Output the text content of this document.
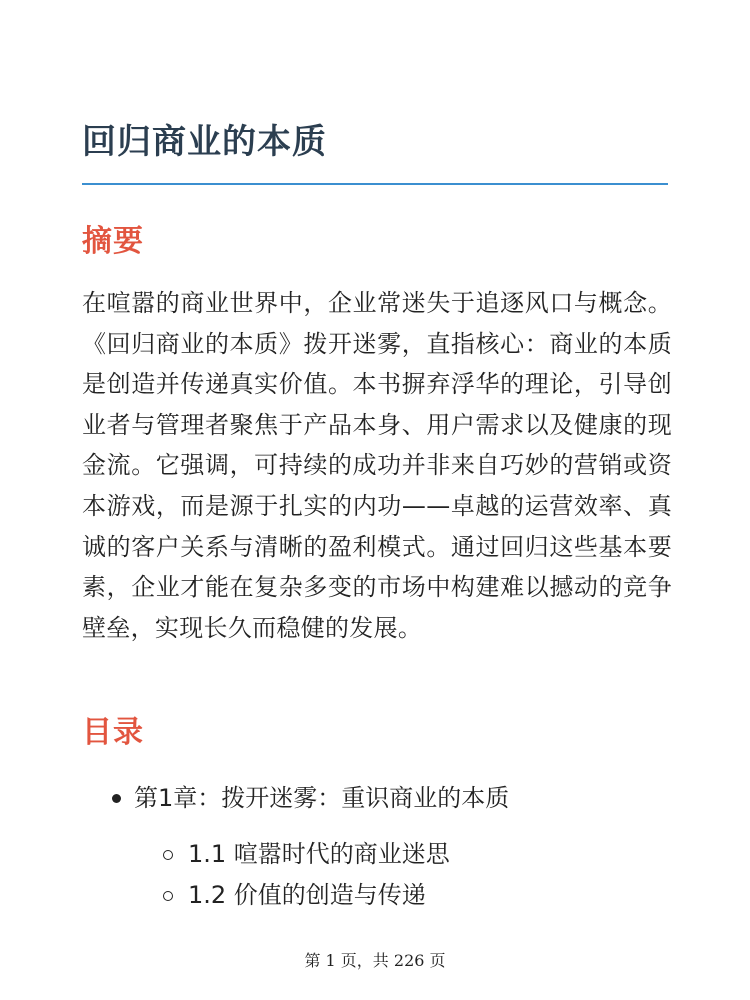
回归商业的本质
摘要

在喧嚣的商业世界中，企业常迷失于追逐风口与概念。《回归商业的本质》拨开迷雾，直指核心：商业的本质是创造并传递真实价值。本书摒弃浮华的理论，引导创业者与管理者聚焦于产品本身、用户需求以及健康的现金流。它强调，可持续的成功并非来自巧妙的营销或资本游戏，而是源于扎实的内功——卓越的运营效率、真诚的客户关系与清晰的盈利模式。通过回归这些基本要素，企业才能在复杂多变的市场中构建难以撼动的竞争壁垒，实现长久而稳健的发展。

目录
第1章：拨开迷雾：重识商业的本质
1.1 喧嚣时代的商业迷思
1.2 价值的创造与传递
第 1 页，共 226 页
